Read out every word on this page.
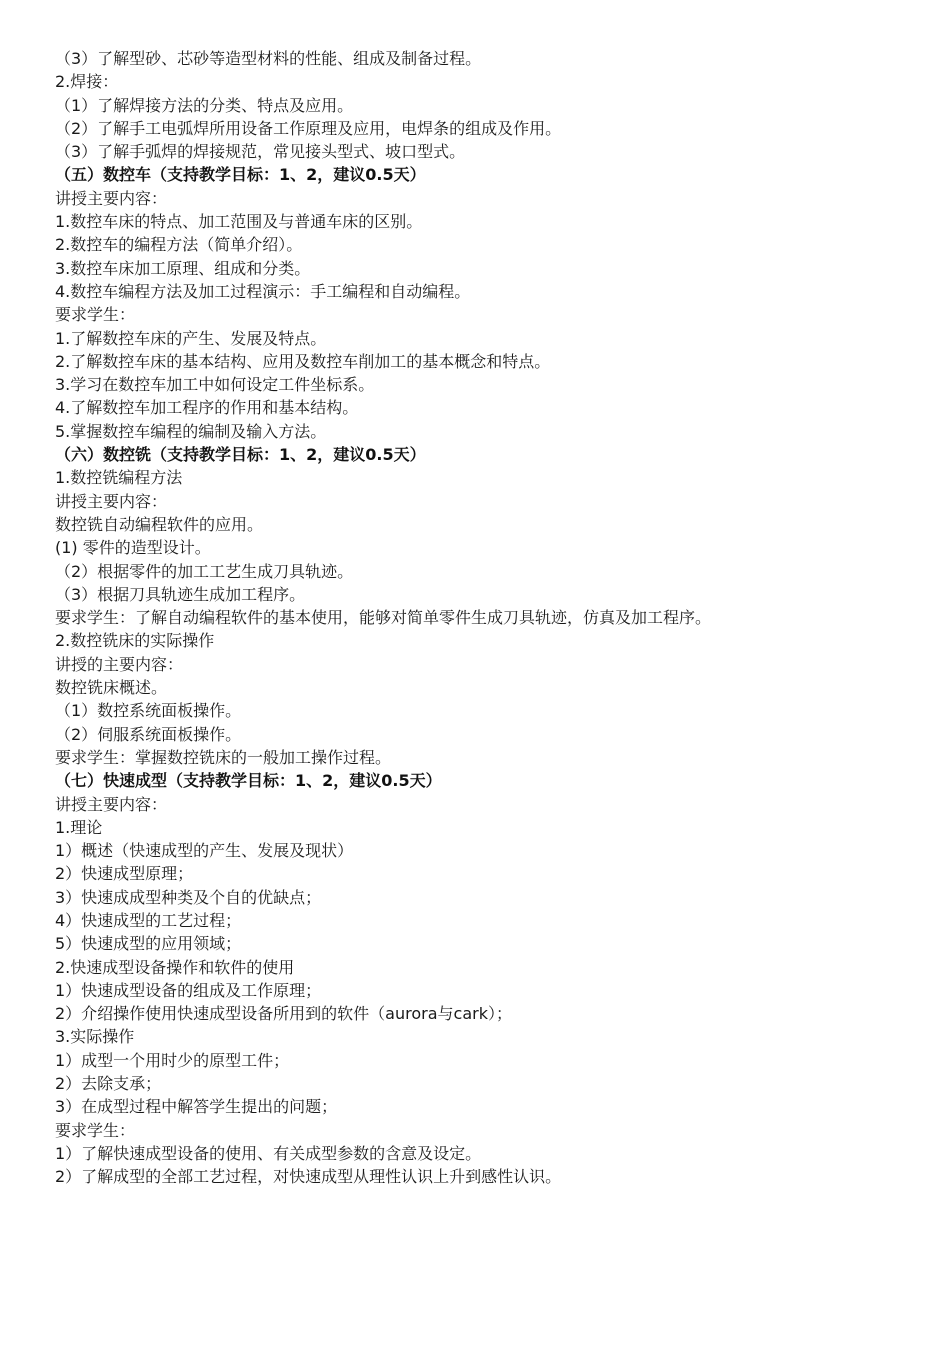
（3）了解型砂、芯砂等造型材料的性能、组成及制备过程。
2.焊接：
（1）了解焊接方法的分类、特点及应用。
（2）了解手工电弧焊所用设备工作原理及应用，电焊条的组成及作用。
（3）了解手弧焊的焊接规范，常见接头型式、坡口型式。
（五）数控车（支持教学目标：1、2，建议0.5天）
讲授主要内容：
1.数控车床的特点、加工范围及与普通车床的区别。
2.数控车的编程方法（简单介绍）。
3.数控车床加工原理、组成和分类。
4.数控车编程方法及加工过程演示：手工编程和自动编程。
要求学生：
1.了解数控车床的产生、发展及特点。
2.了解数控车床的基本结构、应用及数控车削加工的基本概念和特点。
3.学习在数控车加工中如何设定工件坐标系。
4.了解数控车加工程序的作用和基本结构。
5.掌握数控车编程的编制及输入方法。
（六）数控铣（支持教学目标：1、2，建议0.5天）
1.数控铣编程方法
讲授主要内容：
数控铣自动编程软件的应用。
(1) 零件的造型设计。
（2）根据零件的加工工艺生成刀具轨迹。
（3）根据刀具轨迹生成加工程序。
要求学生：了解自动编程软件的基本使用，能够对简单零件生成刀具轨迹，仿真及加工程序。
2.数控铣床的实际操作
讲授的主要内容：
数控铣床概述。
（1）数控系统面板操作。
（2）伺服系统面板操作。
要求学生：掌握数控铣床的一般加工操作过程。
（七）快速成型（支持教学目标：1、2，建议0.5天）
讲授主要内容：
1.理论
1）概述（快速成型的产生、发展及现状）
2）快速成型原理；
3）快速成成型种类及个自的优缺点；
4）快速成型的工艺过程；
5）快速成型的应用领域；
2.快速成型设备操作和软件的使用
1）快速成型设备的组成及工作原理；
2）介绍操作使用快速成型设备所用到的软件（aurora与cark）；
3.实际操作
1）成型一个用时少的原型工件；
2）去除支承；
3）在成型过程中解答学生提出的问题；
要求学生：
1）了解快速成型设备的使用、有关成型参数的含意及设定。
2）了解成型的全部工艺过程，对快速成型从理性认识上升到感性认识。
